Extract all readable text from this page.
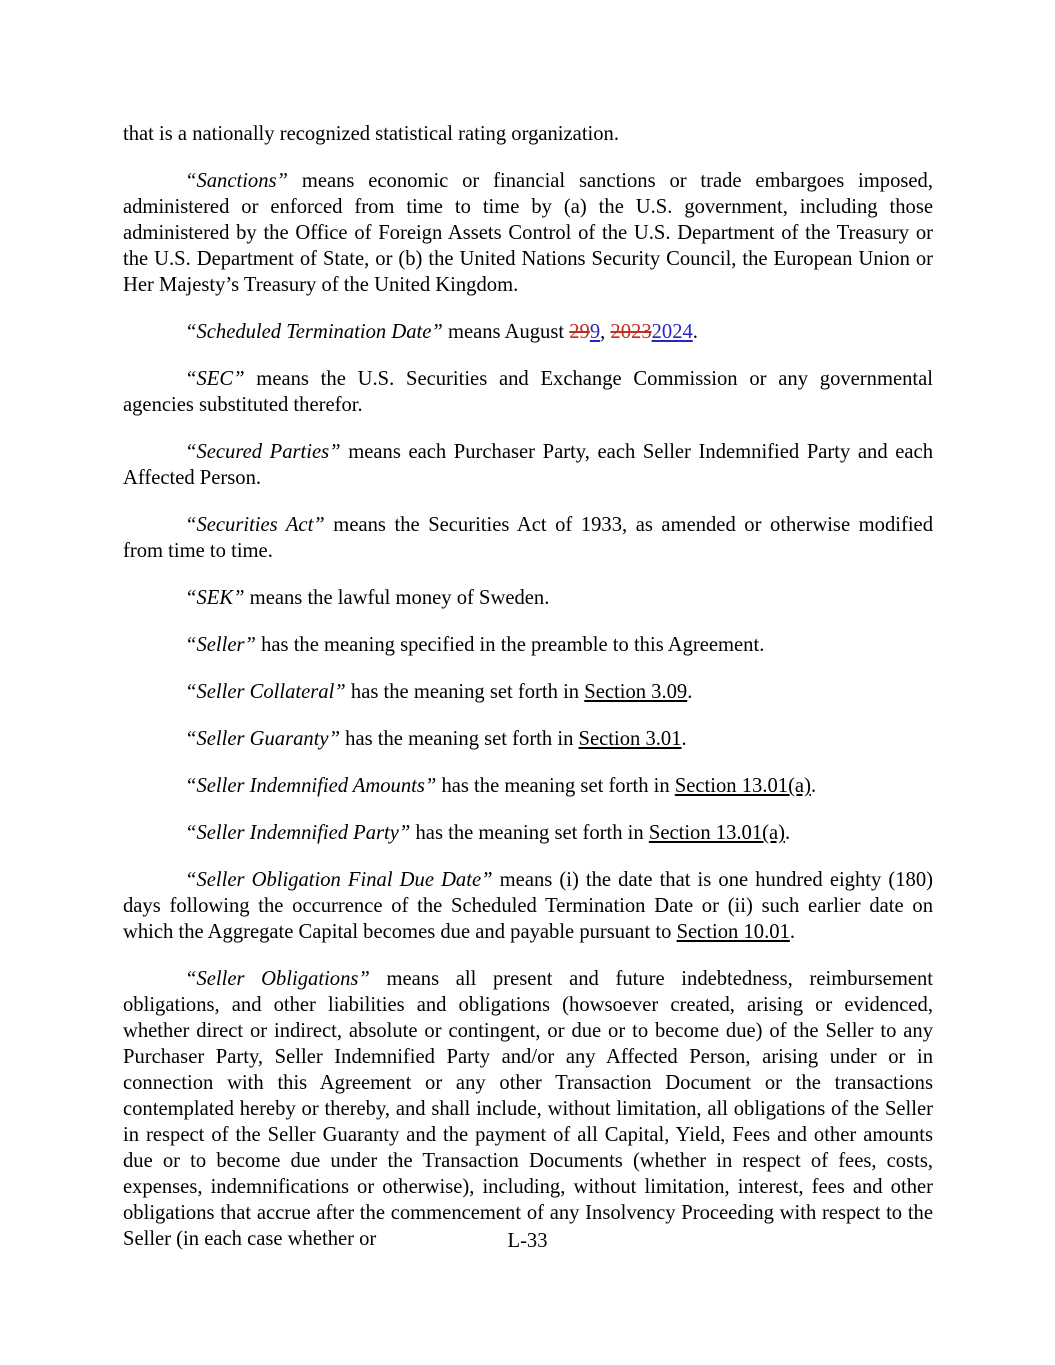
that is a nationally recognized statistical rating organization.

“Sanctions” means economic or financial sanctions or trade embargoes imposed, administered or enforced from time to time by (a) the U.S. government, including those administered by the Office of Foreign Assets Control of the U.S. Department of the Treasury or the U.S. Department of State, or (b) the United Nations Security Council, the European Union or Her Majesty’s Treasury of the United Kingdom.

“Scheduled Termination Date” means August 299, 20232024.

“SEC” means the U.S. Securities and Exchange Commission or any governmental agencies substituted therefor.

“Secured Parties” means each Purchaser Party, each Seller Indemnified Party and each Affected Person.

“Securities Act” means the Securities Act of 1933, as amended or otherwise modified from time to time.

“SEK” means the lawful money of Sweden.

“Seller” has the meaning specified in the preamble to this Agreement.

“Seller Collateral” has the meaning set forth in Section 3.09.

“Seller Guaranty” has the meaning set forth in Section 3.01.

“Seller Indemnified Amounts” has the meaning set forth in Section 13.01(a).

“Seller Indemnified Party” has the meaning set forth in Section 13.01(a).

“Seller Obligation Final Due Date” means (i) the date that is one hundred eighty (180) days following the occurrence of the Scheduled Termination Date or (ii) such earlier date on which the Aggregate Capital becomes due and payable pursuant to Section 10.01.

“Seller Obligations” means all present and future indebtedness, reimbursement obligations, and other liabilities and obligations (howsoever created, arising or evidenced, whether direct or indirect, absolute or contingent, or due or to become due) of the Seller to any Purchaser Party, Seller Indemnified Party and/or any Affected Person, arising under or in connection with this Agreement or any other Transaction Document or the transactions contemplated hereby or thereby, and shall include, without limitation, all obligations of the Seller in respect of the Seller Guaranty and the payment of all Capital, Yield, Fees and other amounts due or to become due under the Transaction Documents (whether in respect of fees, costs, expenses, indemnifications or otherwise), including, without limitation, interest, fees and other obligations that accrue after the commencement of any Insolvency Proceeding with respect to the Seller (in each case whether or	L-33
